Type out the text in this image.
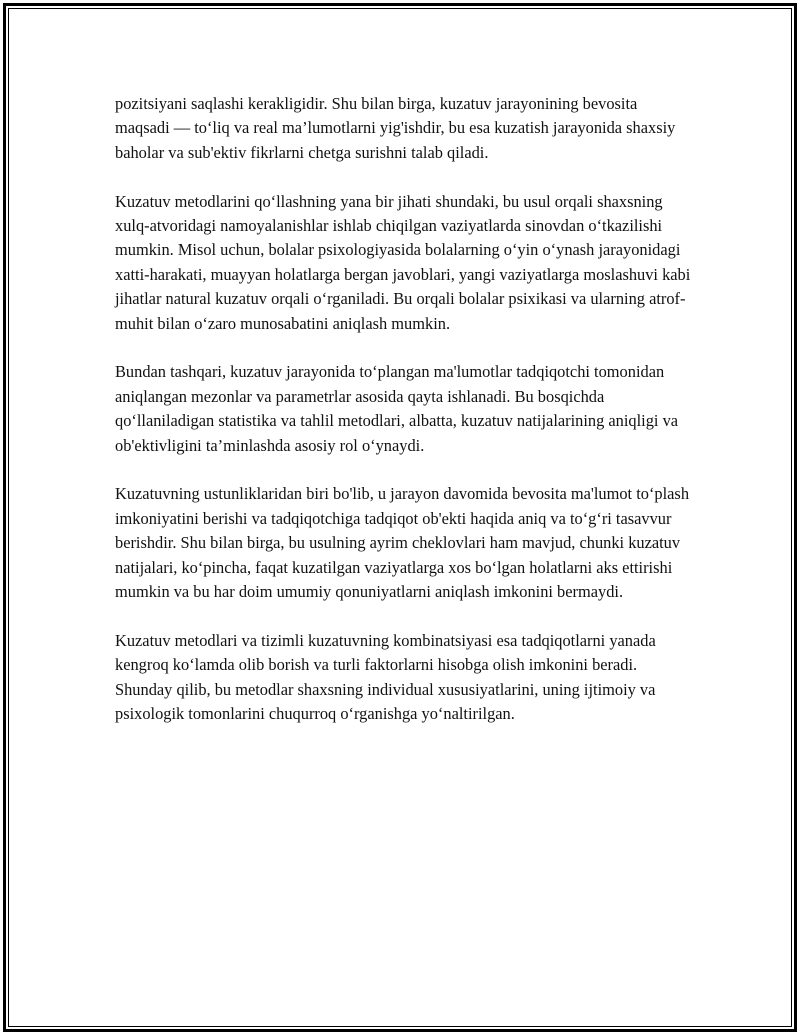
pozitsiyani saqlashi kerakligidir. Shu bilan birga, kuzatuv jarayonining bevosita maqsadi — to‘liq va real ma’lumotlarni yig'ishdir, bu esa kuzatish jarayonida shaxsiy baholar va sub'ektiv fikrlarni chetga surishni talab qiladi.

Kuzatuv metodlarini qo‘llashning yana bir jihati shundaki, bu usul orqali shaxsning xulq-atvoridagi namoyalanishlar ishlab chiqilgan vaziyatlarda sinovdan o‘tkazilishi mumkin. Misol uchun, bolalar psixologiyasida bolalarning o‘yin o‘ynash jarayonidagi xatti-harakati, muayyan holatlarga bergan javoblari, yangi vaziyatlarga moslashuvi kabi jihatlar natural kuzatuv orqali o‘rganiladi. Bu orqali bolalar psixikasi va ularning atrof-muhit bilan o‘zaro munosabatini aniqlash mumkin.

Bundan tashqari, kuzatuv jarayonida to‘plangan ma'lumotlar tadqiqotchi tomonidan aniqlangan mezonlar va parametrlar asosida qayta ishlanadi. Bu bosqichda qo‘llaniladigan statistika va tahlil metodlari, albatta, kuzatuv natijalarining aniqligi va ob'ektivligini ta’minlashda asosiy rol o‘ynaydi.

Kuzatuvning ustunliklaridan biri bo'lib, u jarayon davomida bevosita ma'lumot to‘plash imkoniyatini berishi va tadqiqotchiga tadqiqot ob'ekti haqida aniq va to‘g‘ri tasavvur berishdir. Shu bilan birga, bu usulning ayrim cheklovlari ham mavjud, chunki kuzatuv natijalari, ko‘pincha, faqat kuzatilgan vaziyatlarga xos bo‘lgan holatlarni aks ettirishi mumkin va bu har doim umumiy qonuniyatlarni aniqlash imkonini bermaydi.

Kuzatuv metodlari va tizimli kuzatuvning kombinatsiyasi esa tadqiqotlarni yanada kengroq ko‘lamda olib borish va turli faktorlarni hisobga olish imkonini beradi. Shunday qilib, bu metodlar shaxsning individual xususiyatlarini, uning ijtimoiy va psixologik tomonlarini chuqurroq o‘rganishga yo‘naltirilgan.
